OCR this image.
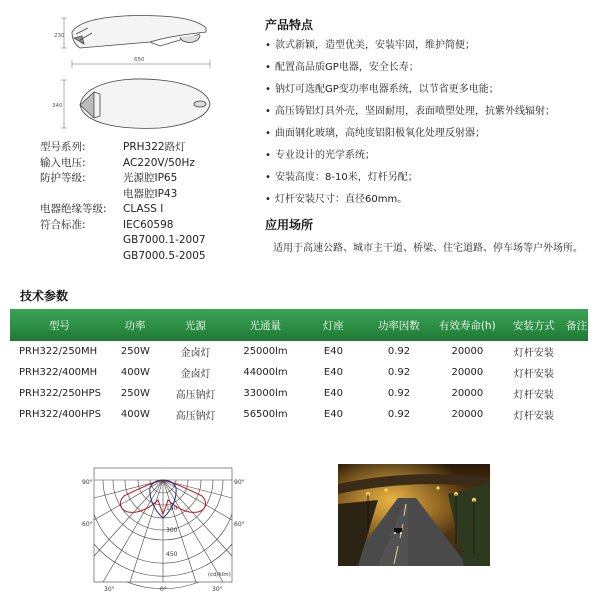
230
650
340
型号系列:	PRH322路灯
输入电压:	AC220V/50Hz
防护等级:	光源腔IP65
电器腔IP43
电器绝缘等级:	CLASS I
符合标准:	IEC60598
GB7000.1-2007
GB7000.5-2005
产品特点
• 款式新颖，造型优美，安装牢固，维护简便；
• 配置高品质GP电器，安全长寿；
• 钠灯可选配GP变功率电器系统，以节省更多电能；
• 高压铸铝灯具外壳，坚固耐用，表面喷塑处理，抗紫外线辐射；
• 曲面钢化玻璃，高纯度铝阳极氧化处理反射器；
• 专业设计的光学系统；
• 安装高度：8-10米，灯杆另配；
• 灯杆安装尺寸：直径60mm。
应用场所
适用于高速公路、城市主干道、桥梁、住宅道路、停车场等户外场所。
技术参数
型号	功率	光源	光通量	灯座	功率因数	有效寿命(h)	安装方式	备注
PRH322/250MH	250W	金卤灯	25000lm	E40	0.92	20000	灯杆安装
PRH322/400MH	400W	金卤灯	44000lm	E40	0.92	20000	灯杆安装
PRH322/250HPS	250W	高压钠灯	33000lm	E40	0.92	20000	灯杆安装
PRH322/400HPS	400W	高压钠灯	56500lm	E40	0.92	20000	灯杆安装
90°	90°
60°	60°
30°	0°	30°
150
300
450
(cd/klm)
